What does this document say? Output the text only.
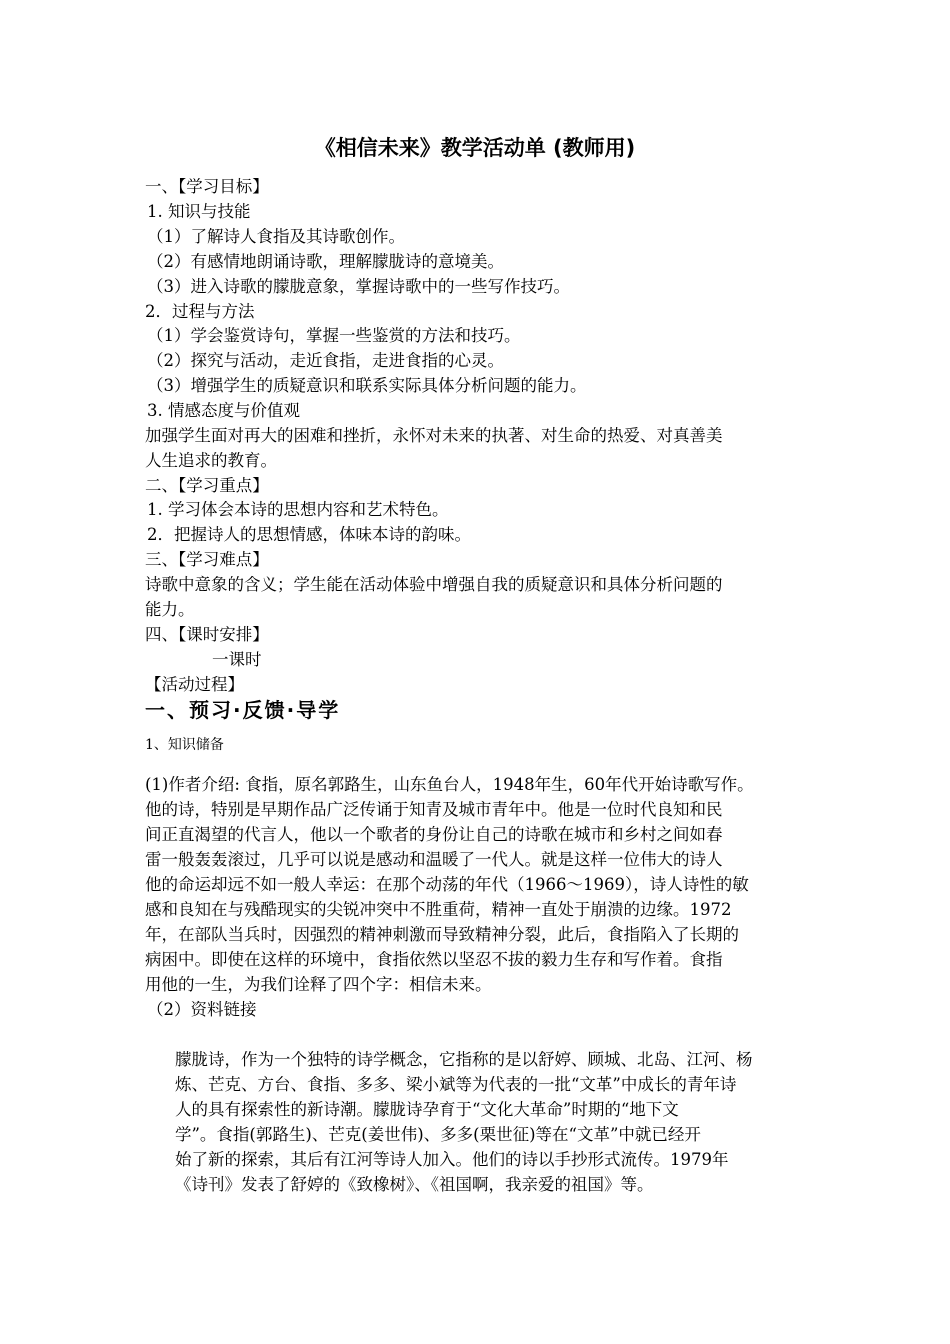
《相信未来》教学活动单 (教师用)
一、【学习目标】
1. 知识与技能
（1）了解诗人食指及其诗歌创作。
（2）有感情地朗诵诗歌，理解朦胧诗的意境美。
（3）进入诗歌的朦胧意象，掌握诗歌中的一些写作技巧。
2．过程与方法
（1）学会鉴赏诗句，掌握一些鉴赏的方法和技巧。
（2）探究与活动，走近食指，走进食指的心灵。
（3）增强学生的质疑意识和联系实际具体分析问题的能力。
3. 情感态度与价值观
加强学生面对再大的困难和挫折，永怀对未来的执著、对生命的热爱、对真善美
人生追求的教育。
二、【学习重点】
1. 学习体会本诗的思想内容和艺术特色。
2．把握诗人的思想情感，体味本诗的韵味。
三、【学习难点】
诗歌中意象的含义；学生能在活动体验中增强自我的质疑意识和具体分析问题的
能力。
四、【课时安排】
一课时
【活动过程】
一、预习·反馈·导学
1、知识储备
(1)作者介绍: 食指，原名郭路生，山东鱼台人，1948年生，60年代开始诗歌写作。
他的诗，特别是早期作品广泛传诵于知青及城市青年中。他是一位时代良知和民
间正直渴望的代言人，他以一个歌者的身份让自己的诗歌在城市和乡村之间如春
雷一般轰轰滚过，几乎可以说是感动和温暖了一代人。就是这样一位伟大的诗人
他的命运却远不如一般人幸运：在那个动荡的年代（1966～1969），诗人诗性的敏
感和良知在与残酷现实的尖锐冲突中不胜重荷，精神一直处于崩溃的边缘。1972
年，在部队当兵时，因强烈的精神刺激而导致精神分裂，此后，食指陷入了长期的
病困中。即使在这样的环境中，食指依然以坚忍不拔的毅力生存和写作着。食指
用他的一生，为我们诠释了四个字：相信未来。
（2）资料链接
朦胧诗，作为一个独特的诗学概念，它指称的是以舒婷、顾城、北岛、江河、杨
炼、芒克、方台、食指、多多、梁小斌等为代表的一批“文革”中成长的青年诗
人的具有探索性的新诗潮。朦胧诗孕育于“文化大革命”时期的“地下文
学”。食指(郭路生)、芒克(姜世伟)、多多(栗世征)等在“文革”中就已经开
始了新的探索，其后有江河等诗人加入。他们的诗以手抄形式流传。1979年
《诗刊》发表了舒婷的《致橡树》、《祖国啊，我亲爱的祖国》等。
